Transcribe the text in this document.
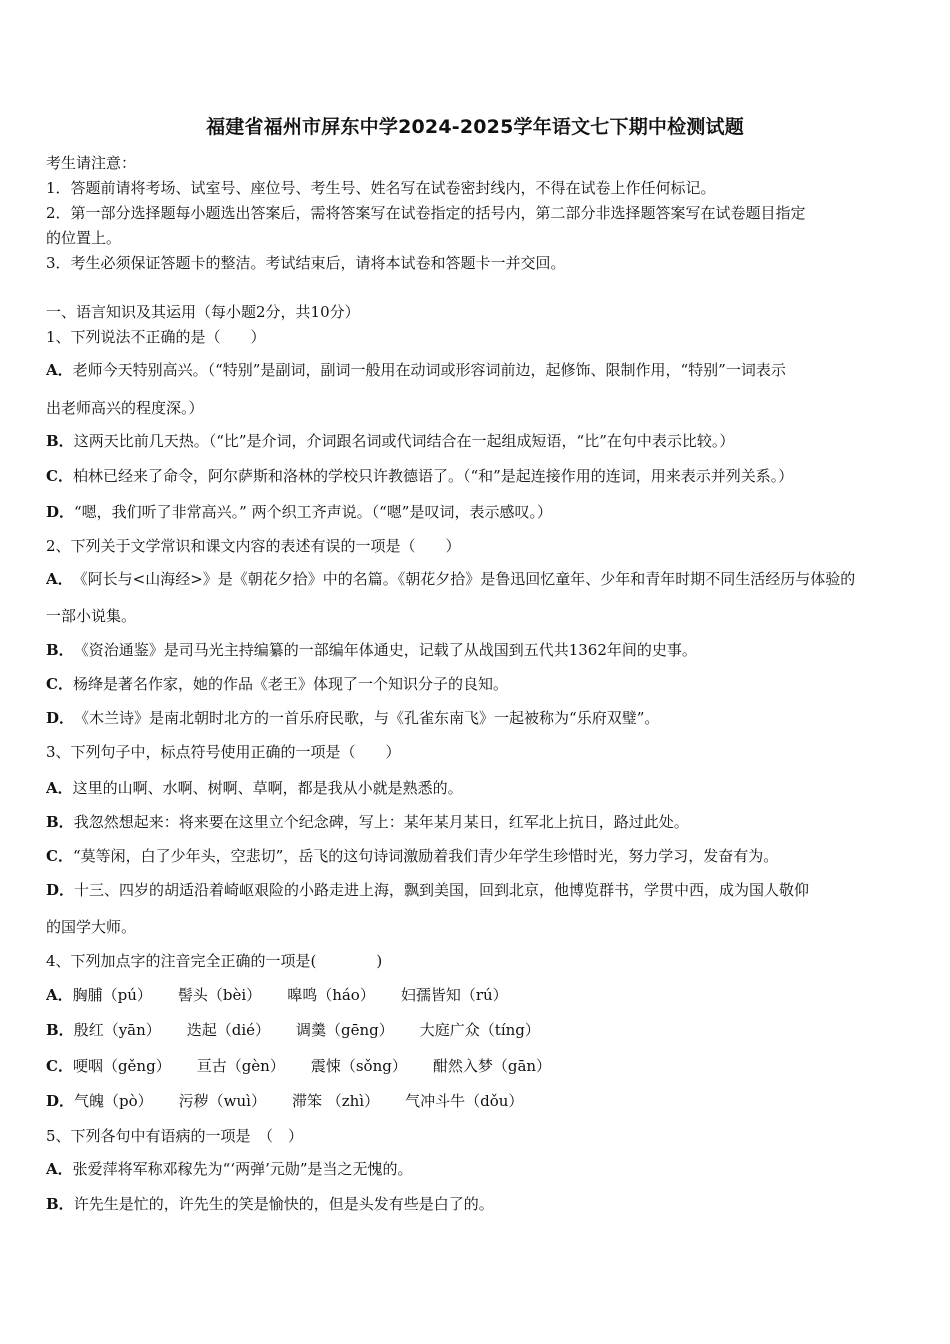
福建省福州市屏东中学2024-2025学年语文七下期中检测试题
考生请注意：
1．答题前请将考场、试室号、座位号、考生号、姓名写在试卷密封线内，不得在试卷上作任何标记。
2．第一部分选择题每小题选出答案后，需将答案写在试卷指定的括号内，第二部分非选择题答案写在试卷题目指定
的位置上。
3．考生必须保证答题卡的整洁。考试结束后，请将本试卷和答题卡一并交回。
一、语言知识及其运用（每小题2分，共10分）
1、下列说法不正确的是（　　）
A．老师今天特别高兴。（“特别”是副词，副词一般用在动词或形容词前边，起修饰、限制作用，“特别”一词表示
出老师高兴的程度深。）
B．这两天比前几天热。（“比”是介词，介词跟名词或代词结合在一起组成短语，“比”在句中表示比较。）
C．柏林已经来了命令，阿尔萨斯和洛林的学校只许教德语了。（“和”是起连接作用的连词，用来表示并列关系。）
D．“嗯，我们听了非常高兴。” 两个织工齐声说。（“嗯”是叹词，表示感叹。）
2、下列关于文学常识和课文内容的表述有误的一项是（　　）
A．《阿长与<山海经>》是《朝花夕拾》中的名篇。《朝花夕拾》是鲁迅回忆童年、少年和青年时期不同生活经历与体验的
一部小说集。
B．《资治通鉴》是司马光主持编纂的一部编年体通史，记载了从战国到五代共1362年间的史事。
C．杨绛是著名作家，她的作品《老王》体现了一个知识分子的良知。
D．《木兰诗》是南北朝时北方的一首乐府民歌，与《孔雀东南飞》一起被称为“乐府双璧”。
3、下列句子中，标点符号使用正确的一项是（　　）
A．这里的山啊、水啊、树啊、草啊，都是我从小就是熟悉的。
B．我忽然想起来：将来要在这里立个纪念碑，写上：某年某月某日，红军北上抗日，路过此处。
C．“莫等闲，白了少年头，空悲切”，岳飞的这句诗词激励着我们青少年学生珍惜时光，努力学习，发奋有为。
D．十三、四岁的胡适沿着崎岖艰险的小路走进上海，飘到美国，回到北京，他博览群书，学贯中西，成为国人敬仰
的国学大师。
4、下列加点字的注音完全正确的一项是(　　　　)
A．胸脯（pú） 髻头（bèi） 嗥鸣（háo） 妇孺皆知（rú）
B．殷红（yān） 迭起（dié） 调羹（gēng） 大庭广众（tíng）
C．哽咽（gěng） 亘古（gèn） 震悚（sǒng） 酣然入梦（gān）
D．气魄（pò） 污秽（wuì） 滞笨 （zhì） 气冲斗牛（dǒu）
5、下列各句中有语病的一项是　（　）
A．张爱萍将军称邓稼先为“‘两弹’元勋”是当之无愧的。
B．许先生是忙的，许先生的笑是愉快的，但是头发有些是白了的。
